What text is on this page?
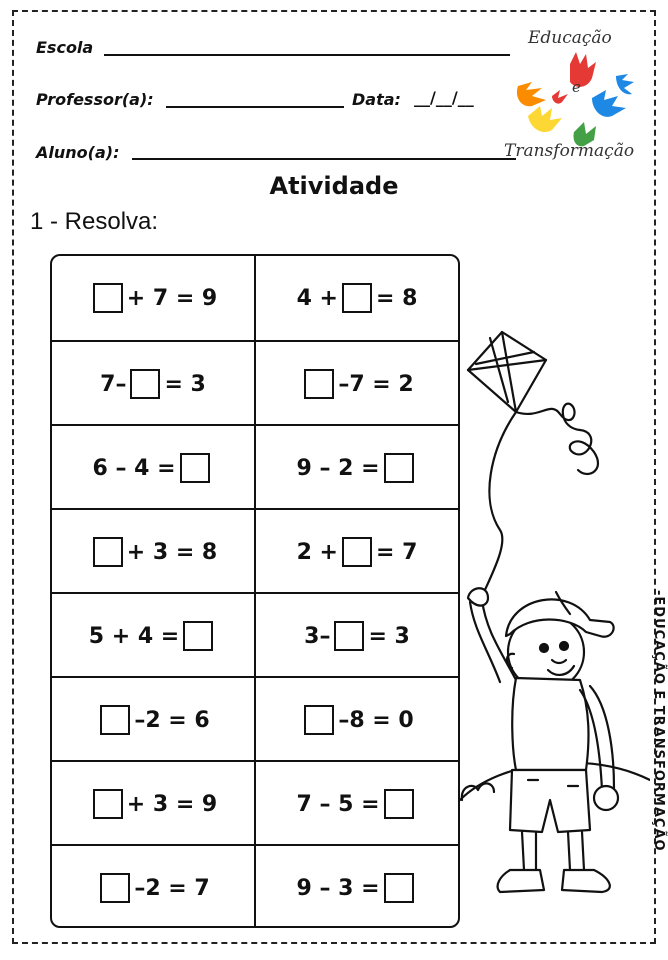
Escola
Professor(a):	Data: __/__/__
Aluno(a):
Educação
e
Transformação
Atividade
1 - Resolva:
+ 7 = 9	4 + = 8
7– = 3	–7 = 2
6 – 4 =	9 – 2 =
+ 3 = 8	2 + = 7
5 + 4 =	3– = 3
–2 = 6	–8 = 0
+ 3 = 9	7 – 5 =
–2 = 7	9 – 3 =
-EDUCAÇÃO E TRANSFORMAÇÃO
